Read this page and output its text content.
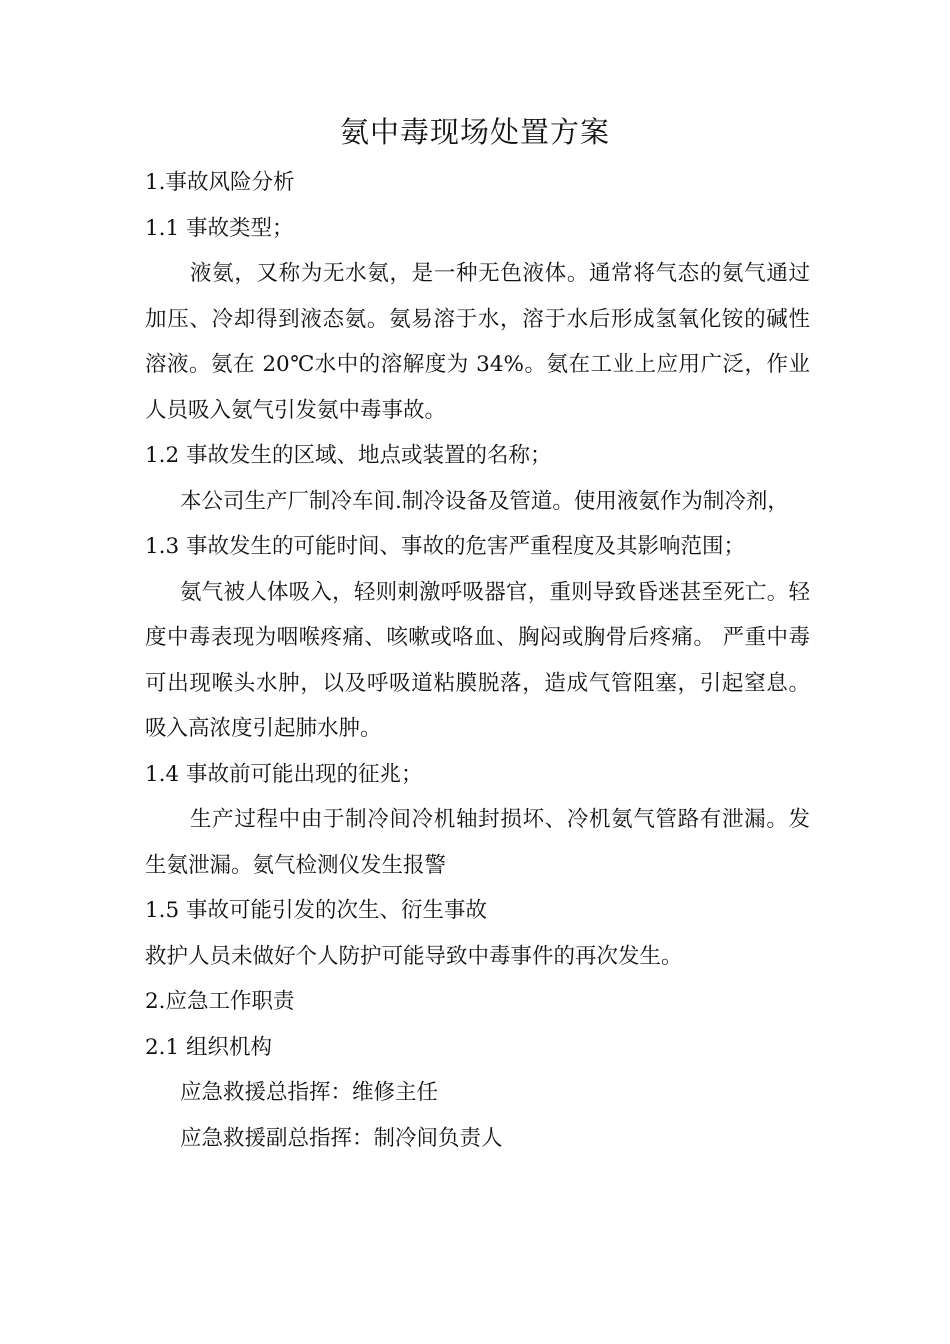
氨中毒现场处置方案

1.事故风险分析

1.1 事故类型；

液氨，又称为无水氨，是一种无色液体。通常将气态的氨气通过加压、冷却得到液态氨。氨易溶于水，溶于水后形成氢氧化铵的碱性溶液。氨在 20℃水中的溶解度为 34%。氨在工业上应用广泛，作业人员吸入氨气引发氨中毒事故。

1.2 事故发生的区域、地点或装置的名称；

本公司生产厂制冷车间.制冷设备及管道。使用液氨作为制冷剂，

1.3 事故发生的可能时间、事故的危害严重程度及其影响范围；

氨气被人体吸入，轻则刺激呼吸器官，重则导致昏迷甚至死亡。轻度中毒表现为咽喉疼痛、咳嗽或咯血、胸闷或胸骨后疼痛。 严重中毒可出现喉头水肿，以及呼吸道粘膜脱落，造成气管阻塞，引起窒息。吸入高浓度引起肺水肿。

1.4 事故前可能出现的征兆；

生产过程中由于制冷间冷机轴封损坏、冷机氨气管路有泄漏。发生氨泄漏。氨气检测仪发生报警

1.5 事故可能引发的次生、衍生事故

救护人员未做好个人防护可能导致中毒事件的再次发生。

2.应急工作职责

2.1 组织机构

应急救援总指挥：维修主任

应急救援副总指挥：制冷间负责人
